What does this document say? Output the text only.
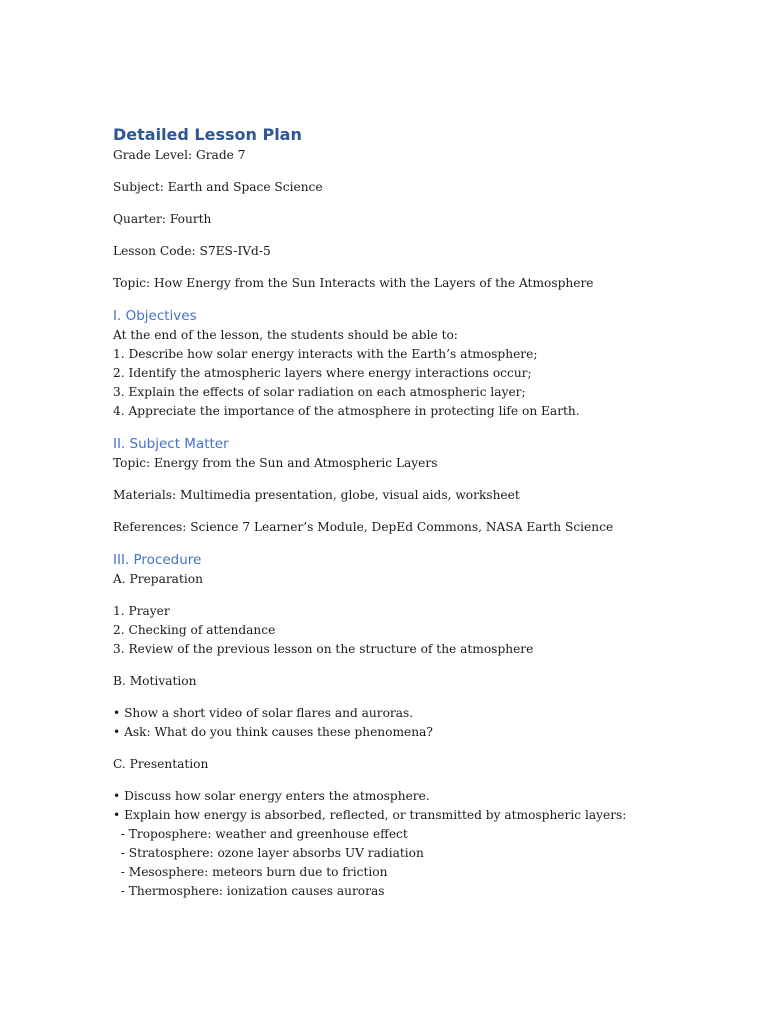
Detailed Lesson Plan

Grade Level: Grade 7

Subject: Earth and Space Science

Quarter: Fourth

Lesson Code: S7ES-IVd-5

Topic: How Energy from the Sun Interacts with the Layers of the Atmosphere

I. Objectives

At the end of the lesson, the students should be able to:

1. Describe how solar energy interacts with the Earth’s atmosphere;

2. Identify the atmospheric layers where energy interactions occur;

3. Explain the effects of solar radiation on each atmospheric layer;

4. Appreciate the importance of the atmosphere in protecting life on Earth.

II. Subject Matter

Topic: Energy from the Sun and Atmospheric Layers

Materials: Multimedia presentation, globe, visual aids, worksheet

References: Science 7 Learner’s Module, DepEd Commons, NASA Earth Science

III. Procedure

A. Preparation

1. Prayer

2. Checking of attendance

3. Review of the previous lesson on the structure of the atmosphere

B. Motivation

• Show a short video of solar flares and auroras.

• Ask: What do you think causes these phenomena?

C. Presentation

• Discuss how solar energy enters the atmosphere.

• Explain how energy is absorbed, reflected, or transmitted by atmospheric layers:

- Troposphere: weather and greenhouse effect

- Stratosphere: ozone layer absorbs UV radiation

- Mesosphere: meteors burn due to friction

- Thermosphere: ionization causes auroras
